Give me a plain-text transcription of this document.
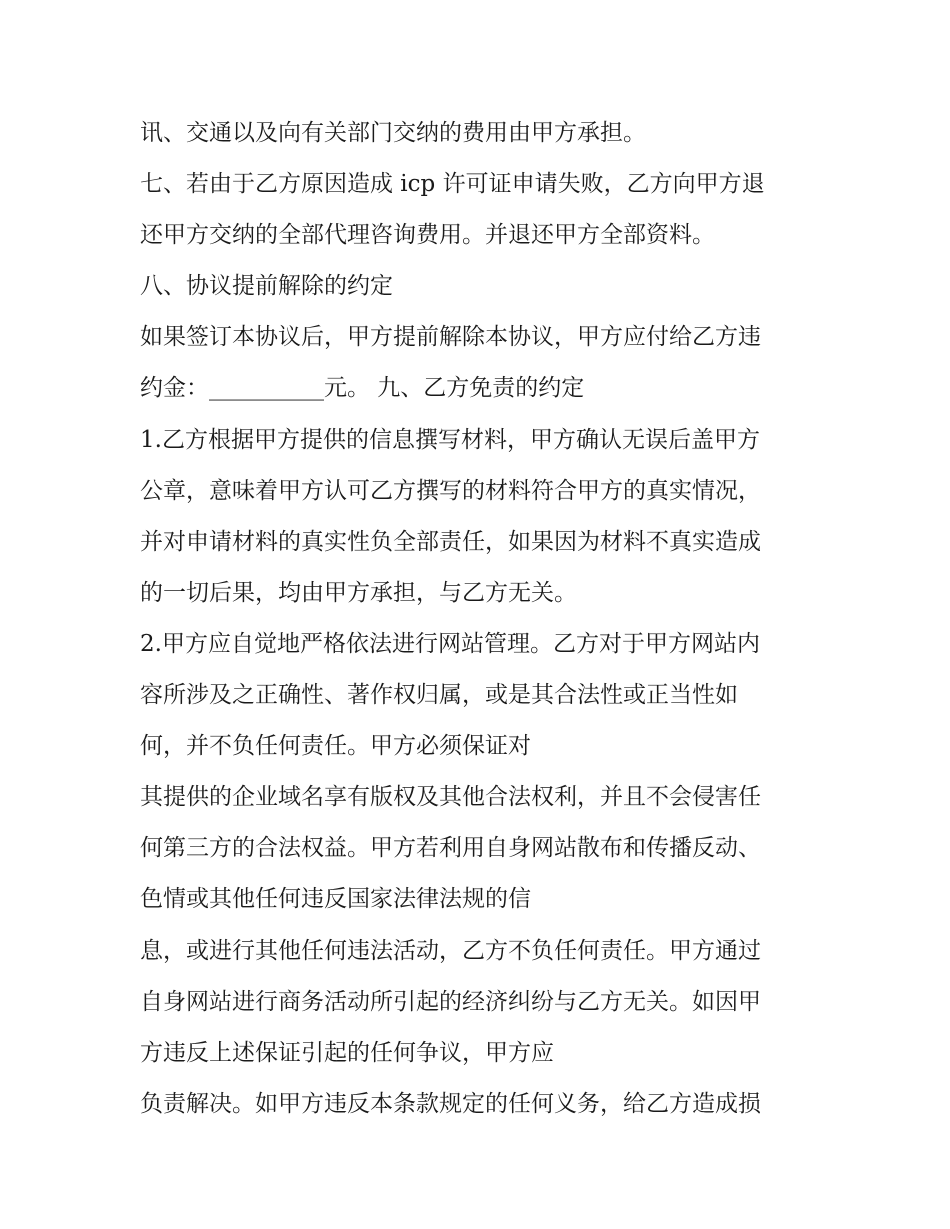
讯、交通以及向有关部门交纳的费用由甲方承担。
七、若由于乙方原因造成 icp 许可证申请失败，乙方向甲方退
还甲方交纳的全部代理咨询费用。并退还甲方全部资料。
八、协议提前解除的约定
如果签订本协议后，甲方提前解除本协议，甲方应付给乙方违
约金：__________元。 九、乙方免责的约定
1.乙方根据甲方提供的信息撰写材料，甲方确认无误后盖甲方
公章，意味着甲方认可乙方撰写的材料符合甲方的真实情况，
并对申请材料的真实性负全部责任，如果因为材料不真实造成
的一切后果，均由甲方承担，与乙方无关。
2.甲方应自觉地严格依法进行网站管理。乙方对于甲方网站内
容所涉及之正确性、著作权归属，或是其合法性或正当性如
何，并不负任何责任。甲方必须保证对
其提供的企业域名享有版权及其他合法权利，并且不会侵害任
何第三方的合法权益。甲方若利用自身网站散布和传播反动、
色情或其他任何违反国家法律法规的信
息，或进行其他任何违法活动，乙方不负任何责任。甲方通过
自身网站进行商务活动所引起的经济纠纷与乙方无关。如因甲
方违反上述保证引起的任何争议，甲方应
负责解决。如甲方违反本条款规定的任何义务，给乙方造成损
